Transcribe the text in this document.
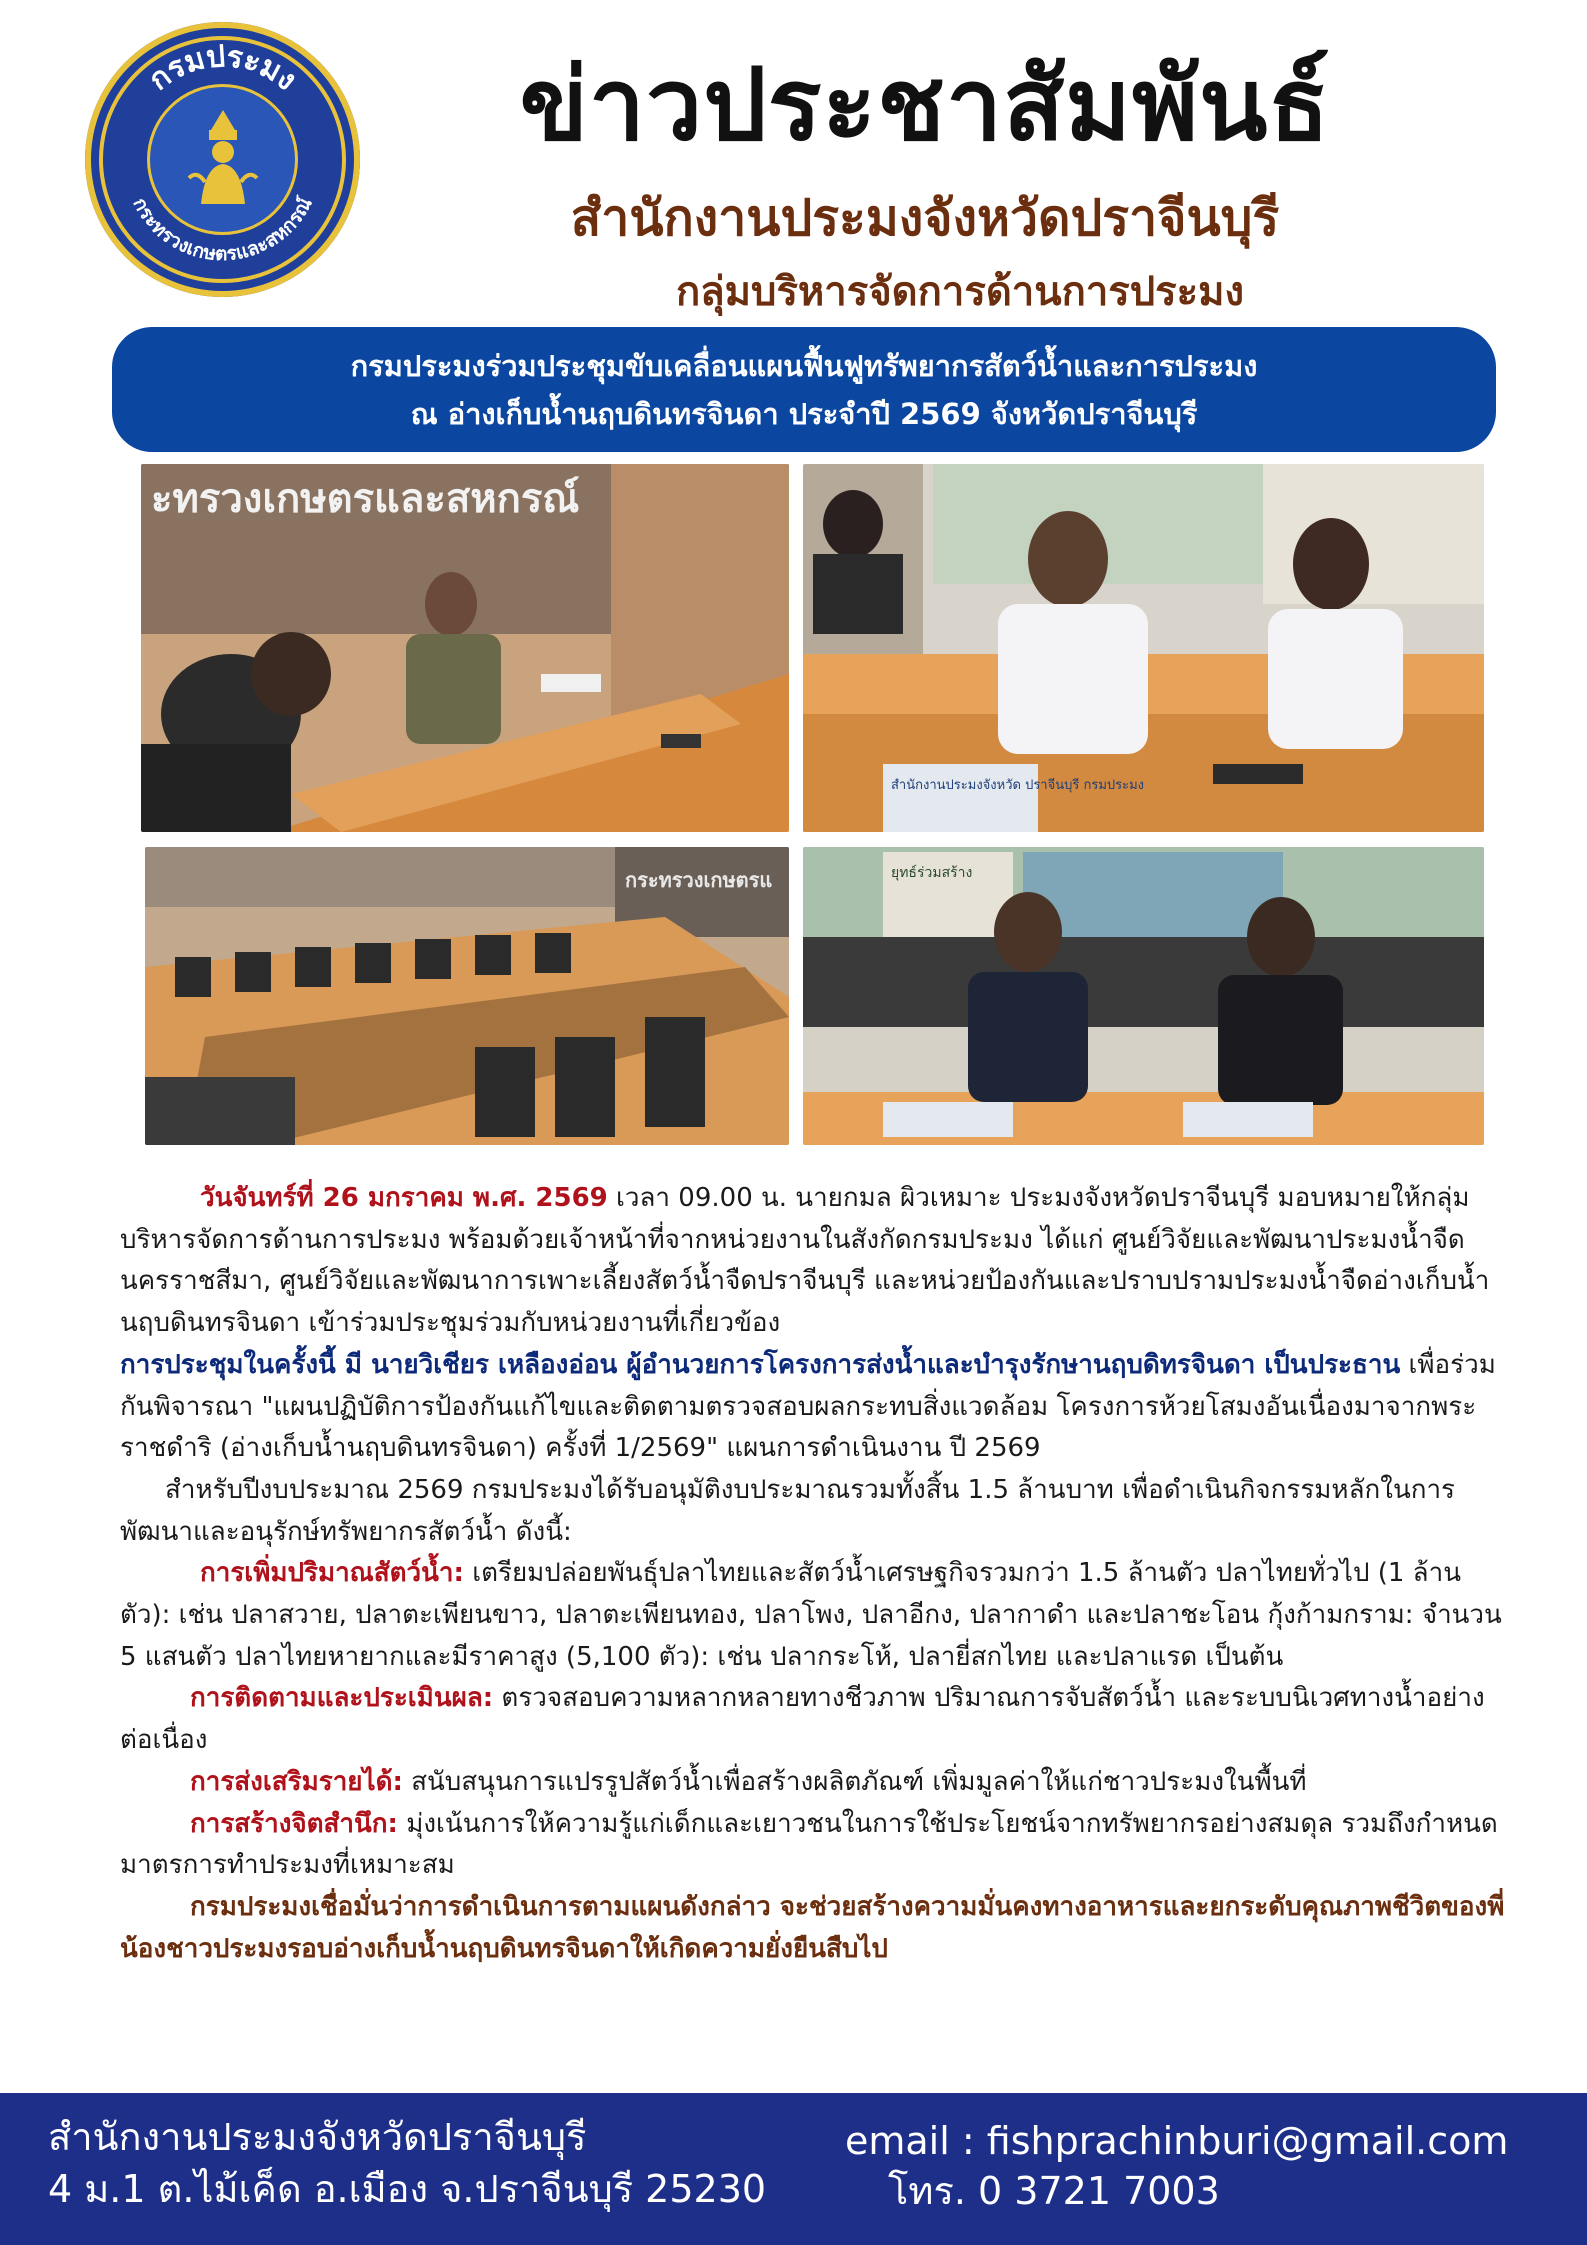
กรมประมง
กระทรวงเกษตรและสหกรณ์
ข่าวประชาสัมพันธ์
สำนักงานประมงจังหวัดปราจีนบุรี
กลุ่มบริหารจัดการด้านการประมง
กรมประมงร่วมประชุมขับเคลื่อนแผนฟื้นฟูทรัพยากรสัตว์น้ำและการประมง
ณ อ่างเก็บน้ำนฤบดินทรจินดา ประจำปี 2569 จังหวัดปราจีนบุรี
ะทรวงเกษตรและสหกรณ์
สำนักงานประมงจังหวัด ปราจีนบุรี กรมประมง
กระทรวงเกษตรแ	ยุทธ์ร่วมสร้าง

วันจันทร์ที่ 26 มกราคม พ.ศ. 2569 เวลา 09.00 น. นายกมล ผิวเหมาะ ประมงจังหวัดปราจีนบุรี มอบหมายให้กลุ่มบริหารจัดการด้านการประมง พร้อมด้วยเจ้าหน้าที่จากหน่วยงานในสังกัดกรมประมง ได้แก่ ศูนย์วิจัยและพัฒนาประมงน้ำจืดนครราชสีมา, ศูนย์วิจัยและพัฒนาการเพาะเลี้ยงสัตว์น้ำจืดปราจีนบุรี และหน่วยป้องกันและปราบปรามประมงน้ำจืดอ่างเก็บน้ำนฤบดินทรจินดา เข้าร่วมประชุมร่วมกับหน่วยงานที่เกี่ยวข้อง

การประชุมในครั้งนี้ มี นายวิเชียร เหลืองอ่อน ผู้อำนวยการโครงการส่งน้ำและบำรุงรักษานฤบดิทรจินดา เป็นประธาน เพื่อร่วมกันพิจารณา "แผนปฏิบัติการป้องกันแก้ไขและติดตามตรวจสอบผลกระทบสิ่งแวดล้อม โครงการห้วยโสมงอันเนื่องมาจากพระราชดำริ (อ่างเก็บน้ำนฤบดินทรจินดา) ครั้งที่ 1/2569" แผนการดำเนินงาน ปี 2569

สำหรับปีงบประมาณ 2569 กรมประมงได้รับอนุมัติงบประมาณรวมทั้งสิ้น 1.5 ล้านบาท เพื่อดำเนินกิจกรรมหลักในการพัฒนาและอนุรักษ์ทรัพยากรสัตว์น้ำ ดังนี้:

การเพิ่มปริมาณสัตว์น้ำ: เตรียมปล่อยพันธุ์ปลาไทยและสัตว์น้ำเศรษฐกิจรวมกว่า 1.5 ล้านตัว ปลาไทยทั่วไป (1 ล้านตัว): เช่น ปลาสวาย, ปลาตะเพียนขาว, ปลาตะเพียนทอง, ปลาโพง, ปลาอีกง, ปลากาดำ และปลาชะโอน กุ้งก้ามกราม: จำนวน 5 แสนตัว ปลาไทยหายากและมีราคาสูง (5,100 ตัว): เช่น ปลากระโห้, ปลายี่สกไทย และปลาแรด เป็นต้น

การติดตามและประเมินผล: ตรวจสอบความหลากหลายทางชีวภาพ ปริมาณการจับสัตว์น้ำ และระบบนิเวศทางน้ำอย่างต่อเนื่อง

การส่งเสริมรายได้: สนับสนุนการแปรรูปสัตว์น้ำเพื่อสร้างผลิตภัณฑ์ เพิ่มมูลค่าให้แก่ชาวประมงในพื้นที่

การสร้างจิตสำนึก: มุ่งเน้นการให้ความรู้แก่เด็กและเยาวชนในการใช้ประโยชน์จากทรัพยากรอย่างสมดุล รวมถึงกำหนดมาตรการทำประมงที่เหมาะสม

กรมประมงเชื่อมั่นว่าการดำเนินการตามแผนดังกล่าว จะช่วยสร้างความมั่นคงทางอาหารและยกระดับคุณภาพชีวิตของพี่น้องชาวประมงรอบอ่างเก็บน้ำนฤบดินทรจินดาให้เกิดความยั่งยืนสืบไป

สำนักงานประมงจังหวัดปราจีนบุรี
4 ม.1 ต.ไม้เค็ด อ.เมือง จ.ปราจีนบุรี 25230
email : fishprachinburi@gmail.com
โทร. 0 3721 7003
